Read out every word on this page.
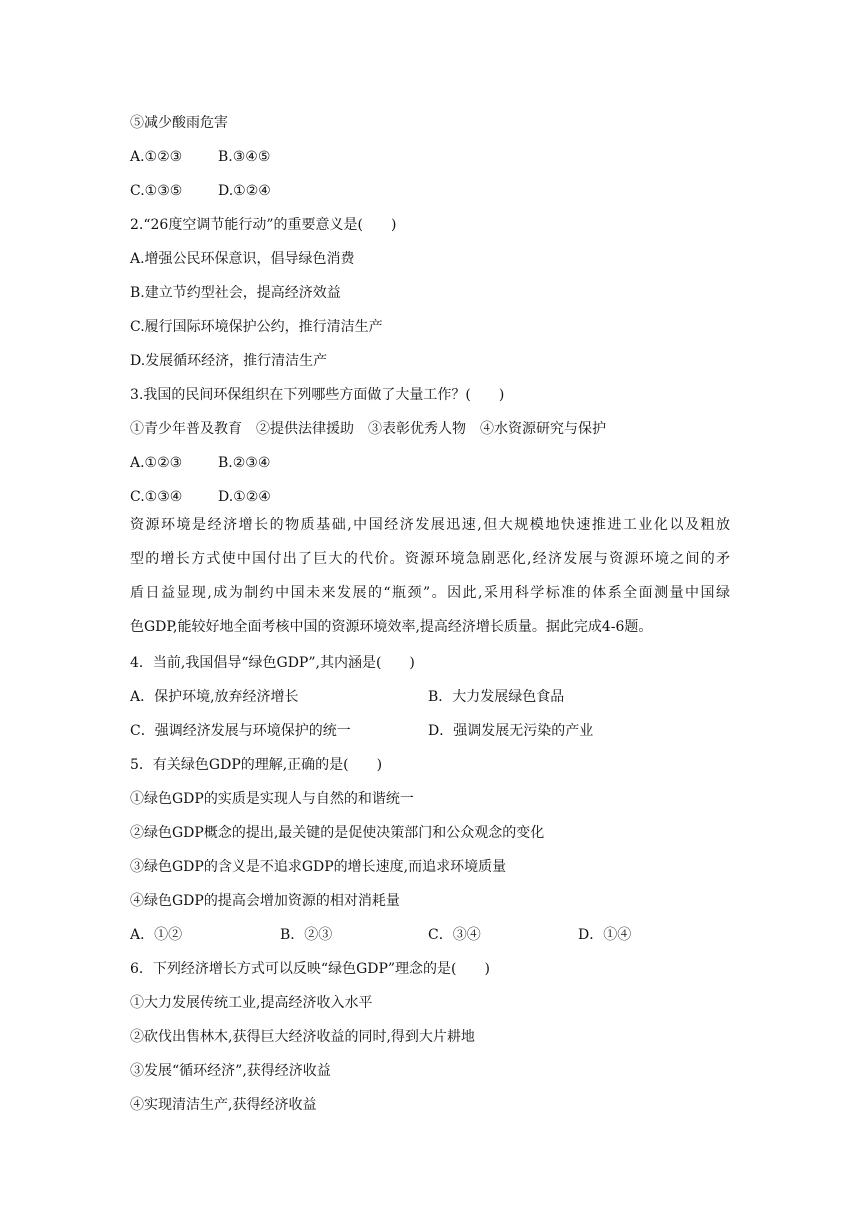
⑤减少酸雨危害
A.①②③	B.③④⑤
C.①③⑤	D.①②④
2.“26度空调节能行动”的重要意义是(　　)
A.增强公民环保意识，倡导绿色消费
B.建立节约型社会，提高经济效益
C.履行国际环境保护公约，推行清洁生产
D.发展循环经济，推行清洁生产
3.我国的民间环保组织在下列哪些方面做了大量工作？(　　)
①青少年普及教育　②提供法律援助　③表彰优秀人物　④水资源研究与保护
A.①②③	B.②③④
C.①③④	D.①②④
资源环境是经济增长的物质基础,中国经济发展迅速,但大规模地快速推进工业化以及粗放
型的增长方式使中国付出了巨大的代价。资源环境急剧恶化,经济发展与资源环境之间的矛
盾日益显现,成为制约中国未来发展的“瓶颈”。因此,采用科学标准的体系全面测量中国绿
色GDP,能较好地全面考核中国的资源环境效率,提高经济增长质量。据此完成4-6题。
4．当前,我国倡导“绿色GDP”,其内涵是(　　)
A．保护环境,放弃经济增长	B．大力发展绿色食品
C．强调经济发展与环境保护的统一	D．强调发展无污染的产业
5．有关绿色GDP的理解,正确的是(　　)
①绿色GDP的实质是实现人与自然的和谐统一
②绿色GDP概念的提出,最关键的是促使决策部门和公众观念的变化
③绿色GDP的含义是不追求GDP的增长速度,而追求环境质量
④绿色GDP的提高会增加资源的相对消耗量
A．①②	B．②③	C．③④	D．①④
6．下列经济增长方式可以反映“绿色GDP”理念的是(　　)
①大力发展传统工业,提高经济收入水平
②砍伐出售林木,获得巨大经济收益的同时,得到大片耕地
③发展“循环经济”,获得经济收益
④实现清洁生产,获得经济收益
